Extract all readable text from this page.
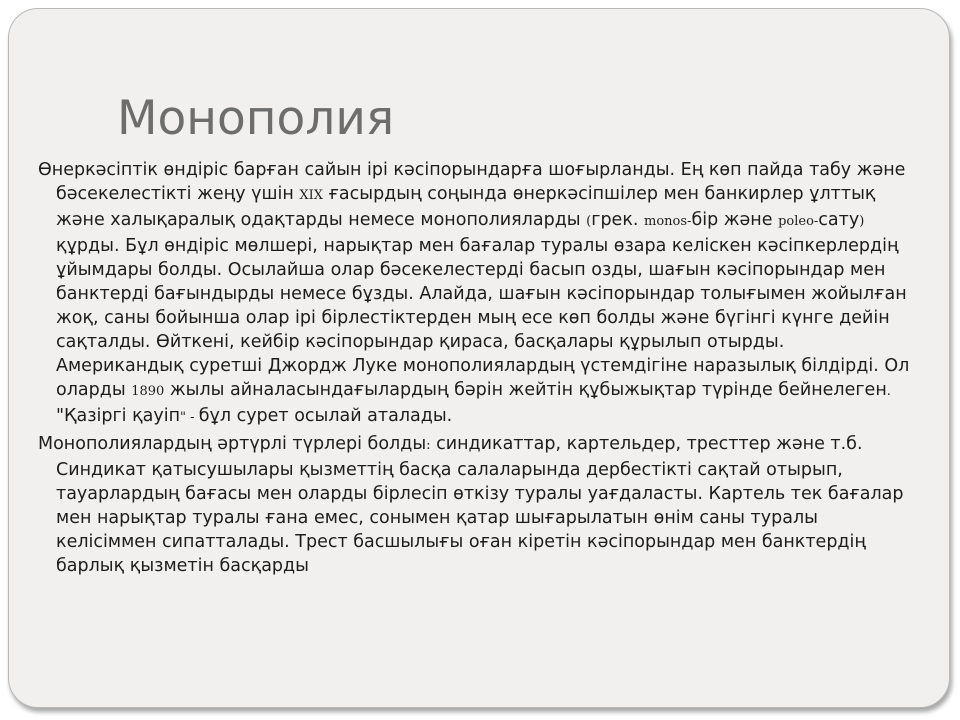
Монополия

Өнеркәсіптік өндіріс барған сайын ірі кәсіпорындарға шоғырланды. Ең көп пайда табу және бәсекелестікті жеңу үшін XIX ғасырдың соңында өнеркәсіпшілер мен банкирлер ұлттық және халықаралық одақтарды немесе монополияларды (грек. monos-бір және poleo-сату) құрды. Бұл өндіріс мөлшері, нарықтар мен бағалар туралы өзара келіскен кәсіпкерлердің ұйымдары болды. Осылайша олар бәсекелестерді басып озды, шағын кәсіпорындар мен банктерді бағындырды немесе бұзды. Алайда, шағын кәсіпорындар толығымен жойылған жоқ, саны бойынша олар ірі бірлестіктерден мың есе көп болды және бүгінгі күнге дейін сақталды. Өйткені, кейбір кәсіпорындар қираса, басқалары құрылып отырды. Американдық суретші Джордж Луке монополиялардың үстемдігіне наразылық білдірді. Ол оларды 1890 жылы айналасындағылардың бәрін жейтін құбыжықтар түрінде бейнелеген. "Қазіргі қауіп" - бұл сурет осылай аталады.

Монополиялардың әртүрлі түрлері болды: синдикаттар, картельдер, тресттер және т.б. Синдикат қатысушылары қызметтің басқа салаларында дербестікті сақтай отырып, тауарлардың бағасы мен оларды бірлесіп өткізу туралы уағдаласты. Картель тек бағалар мен нарықтар туралы ғана емес, сонымен қатар шығарылатын өнім саны туралы келісіммен сипатталады. Трест басшылығы оған кіретін кәсіпорындар мен банктердің барлық қызметін басқарды
